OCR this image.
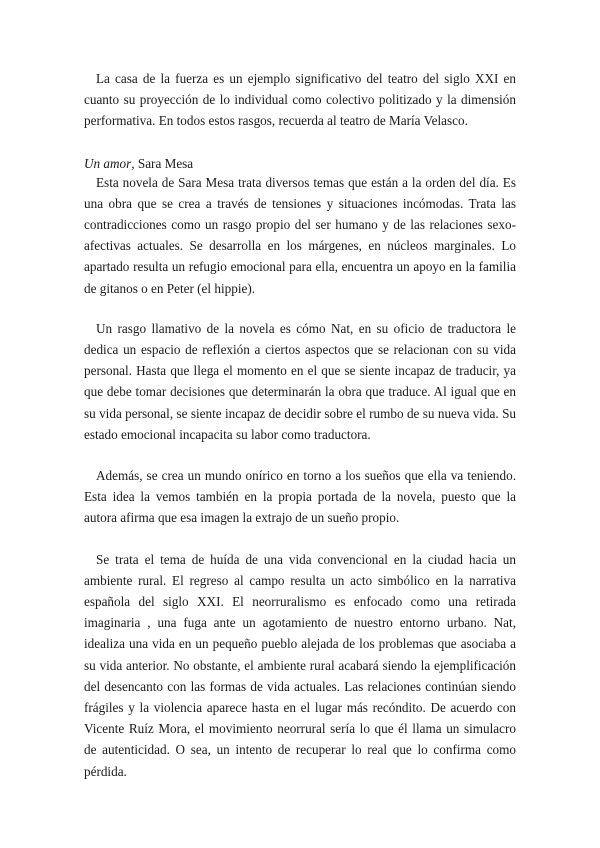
La casa de la fuerza es un ejemplo significativo del teatro del siglo XXI en cuanto su proyección de lo individual como colectivo politizado y la dimensión performativa. En todos estos rasgos, recuerda al teatro de María Velasco.

Un amor, Sara Mesa

Esta novela de Sara Mesa trata diversos temas que están a la orden del día. Es una obra que se crea a través de tensiones y situaciones incómodas. Trata las contradicciones como un rasgo propio del ser humano y de las relaciones sexo-afectivas actuales. Se desarrolla en los márgenes, en núcleos marginales. Lo apartado resulta un refugio emocional para ella, encuentra un apoyo en la familia de gitanos o en Peter (el hippie).

Un rasgo llamativo de la novela es cómo Nat, en su oficio de traductora le dedica un espacio de reflexión a ciertos aspectos que se relacionan con su vida personal. Hasta que llega el momento en el que se siente incapaz de traducir, ya que debe tomar decisiones que determinarán la obra que traduce. Al igual que en su vida personal, se siente incapaz de decidir sobre el rumbo de su nueva vida. Su estado emocional incapacita su labor como traductora.

Además, se crea un mundo onírico en torno a los sueños que ella va teniendo. Esta idea la vemos también en la propia portada de la novela, puesto que la autora afirma que esa imagen la extrajo de un sueño propio.

Se trata el tema de huída de una vida convencional en la ciudad hacia un ambiente rural. El regreso al campo resulta un acto simbólico en la narrativa española del siglo XXI. El neorruralismo es enfocado como una retirada imaginaria , una fuga ante un agotamiento de nuestro entorno urbano. Nat, idealiza una vida en un pequeño pueblo alejada de los problemas que asociaba a su vida anterior. No obstante, el ambiente rural acabará siendo la ejemplificación del desencanto con las formas de vida actuales. Las relaciones continúan siendo frágiles y la violencia aparece hasta en el lugar más recóndito. De acuerdo con Vicente Ruíz Mora, el movimiento neorrural sería lo que él llama un simulacro de autenticidad. O sea, un intento de recuperar lo real que lo confirma como pérdida.
